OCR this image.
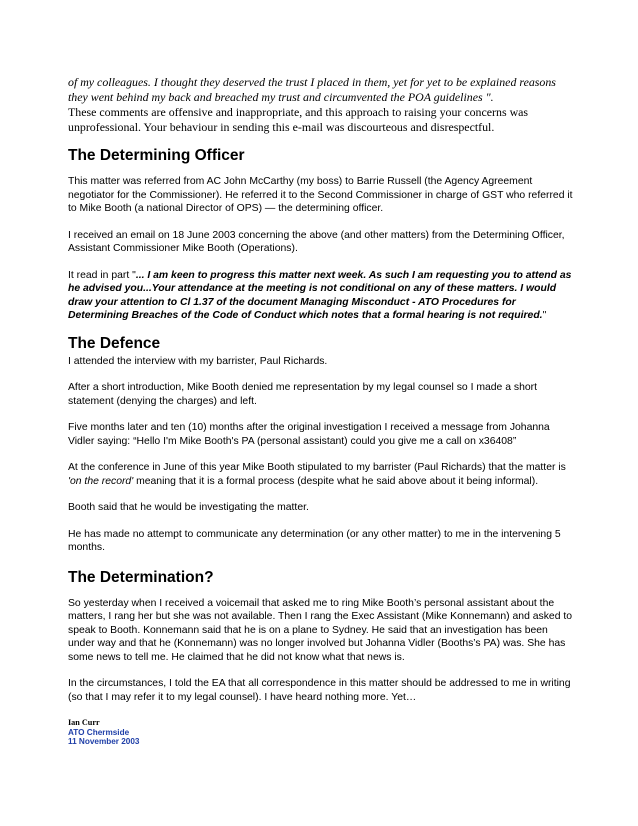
of my colleagues. I thought they deserved the trust I placed in them, yet for yet to be explained reasons they went behind my back and breached my trust and circumvented the POA guidelines ".

These comments are offensive and inappropriate, and this approach to raising your concerns was unprofessional. Your behaviour in sending this e-mail was discourteous and disrespectful.

The Determining Officer

This matter was referred from AC John McCarthy (my boss) to Barrie Russell (the Agency Agreement negotiator for the Commissioner). He referred it to the Second Commissioner in charge of GST who referred it to Mike Booth (a national Director of OPS) — the determining officer.

I received an email on 18 June 2003 concerning the above (and other matters) from the Determining Officer, Assistant Commissioner Mike Booth (Operations).

It read in part "... I am keen to progress this matter next week. As such I am requesting you to attend as he advised you...Your attendance at the meeting is not conditional on any of these matters. I would draw your attention to Cl 1.37 of the document Managing Misconduct - ATO Procedures for Determining Breaches of the Code of Conduct which notes that a formal hearing is not required."

The Defence

I attended the interview with my barrister, Paul Richards.

After a short introduction, Mike Booth denied me representation by my legal counsel so I made a short statement (denying the charges) and left.

Five months later and ten (10) months after the original investigation I received a message from Johanna Vidler saying: “Hello I'm Mike Booth's PA (personal assistant) could you give me a call on x36408”

At the conference in June of this year Mike Booth stipulated to my barrister (Paul Richards) that the matter is 'on the record' meaning that it is a formal process (despite what he said above about it being informal).

Booth said that he would be investigating the matter.

He has made no attempt to communicate any determination (or any other matter) to me in the intervening 5 months.

The Determination?

So yesterday when I received a voicemail that asked me to ring Mike Booth’s personal assistant about the matters, I rang her but she was not available. Then I rang the Exec Assistant (Mike Konnemann) and asked to speak to Booth. Konnemann said that he is on a plane to Sydney. He said that an investigation has been under way and that he (Konnemann) was no longer involved but Johanna Vidler (Booths’s PA) was. She has some news to tell me. He claimed that he did not know what that news is.

In the circumstances, I told the EA that all correspondence in this matter should be addressed to me in writing (so that I may refer it to my legal counsel). I have heard nothing more. Yet…

Ian Curr
ATO Chermside
11 November 2003
